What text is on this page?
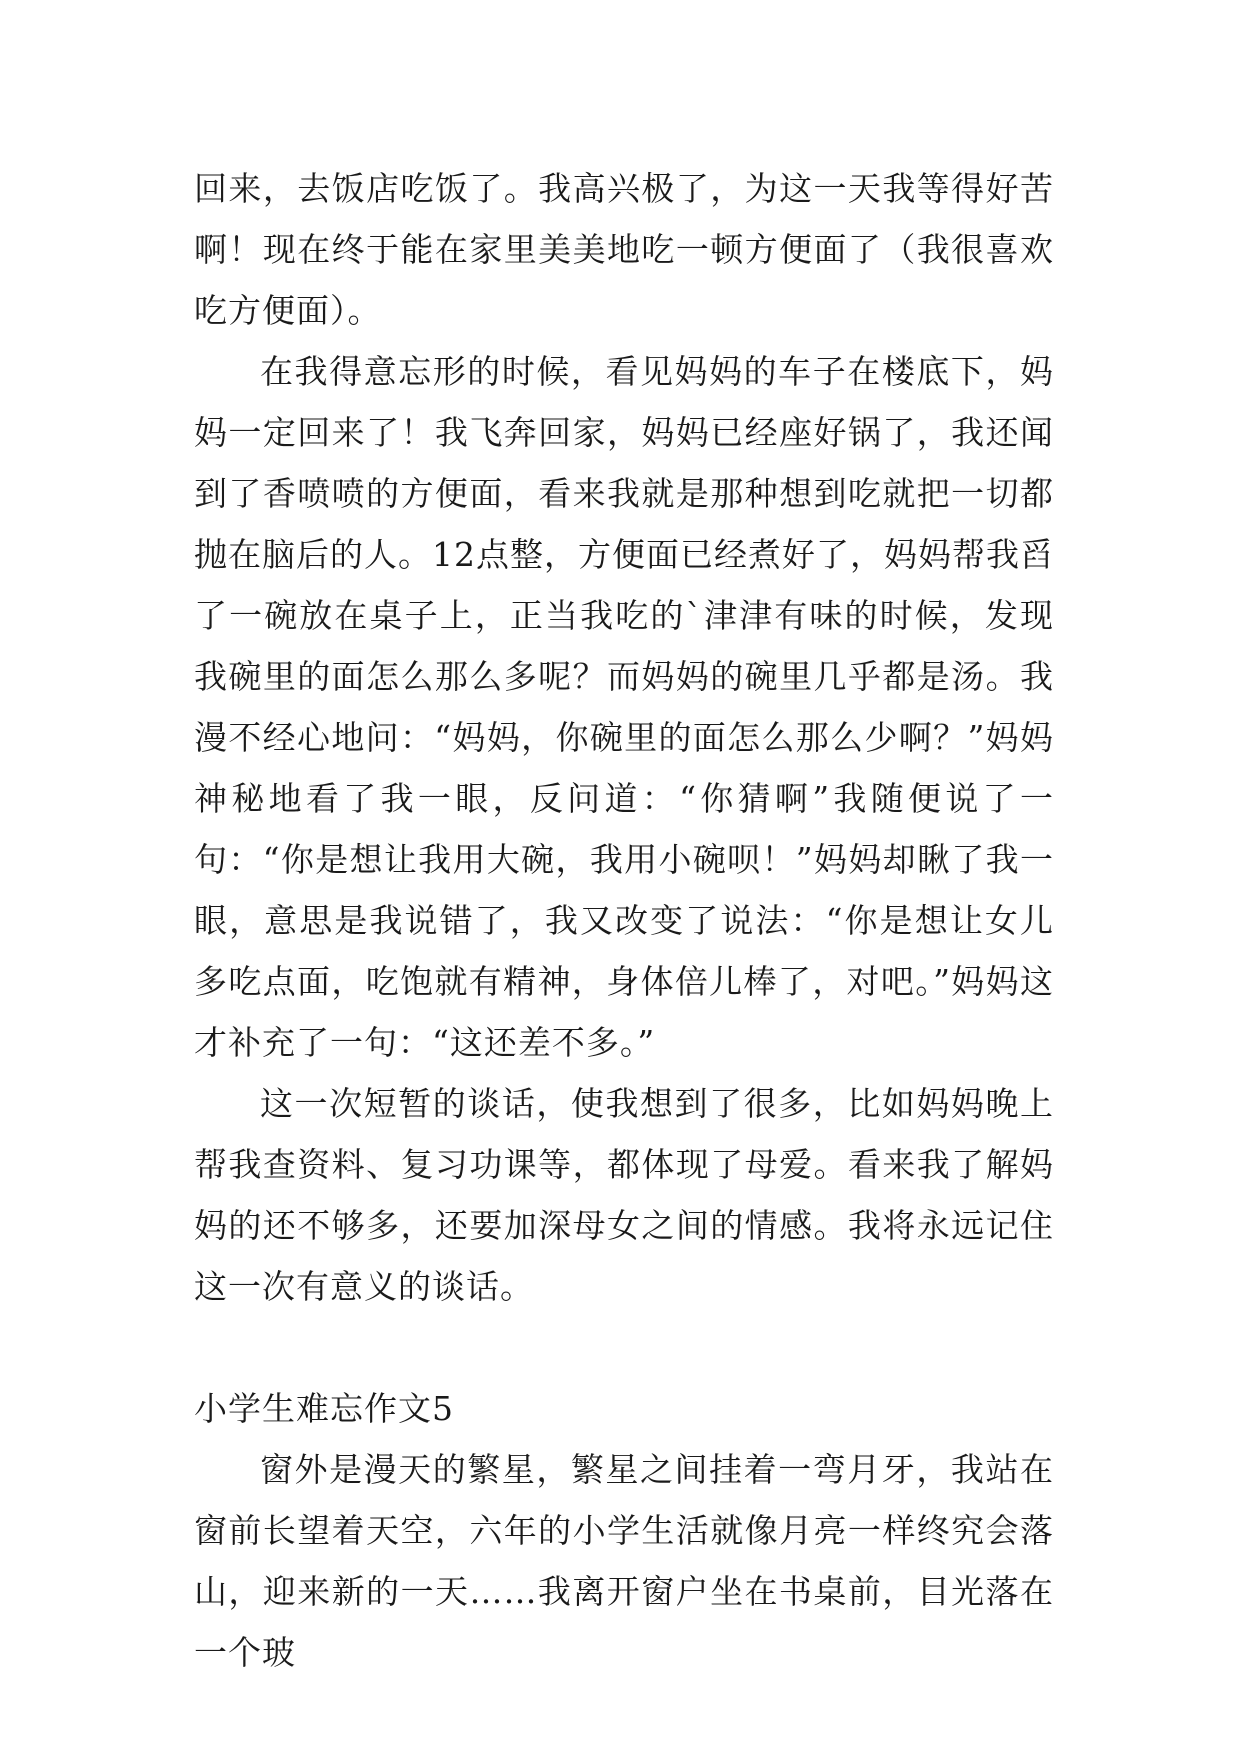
回来，去饭店吃饭了。我高兴极了，为这一天我等得好苦啊！现在终于能在家里美美地吃一顿方便面了（我很喜欢吃方便面）。

在我得意忘形的时候，看见妈妈的车子在楼底下，妈妈一定回来了！我飞奔回家，妈妈已经座好锅了，我还闻到了香喷喷的方便面，看来我就是那种想到吃就把一切都抛在脑后的人。12点整，方便面已经煮好了，妈妈帮我舀了一碗放在桌子上，正当我吃的`津津有味的时候，发现我碗里的面怎么那么多呢？而妈妈的碗里几乎都是汤。我漫不经心地问：“妈妈，你碗里的面怎么那么少啊？”妈妈神秘地看了我一眼，反问道：“你猜啊”我随便说了一句：“你是想让我用大碗，我用小碗呗！”妈妈却瞅了我一眼，意思是我说错了，我又改变了说法：“你是想让女儿多吃点面，吃饱就有精神，身体倍儿棒了，对吧。”妈妈这才补充了一句：“这还差不多。”

这一次短暂的谈话，使我想到了很多，比如妈妈晚上帮我查资料、复习功课等，都体现了母爱。看来我了解妈妈的还不够多，还要加深母女之间的情感。我将永远记住这一次有意义的谈话。

小学生难忘作文5

窗外是漫天的繁星，繁星之间挂着一弯月牙，我站在窗前长望着天空，六年的小学生活就像月亮一样终究会落山，迎来新的一天……我离开窗户坐在书桌前，目光落在一个玻
